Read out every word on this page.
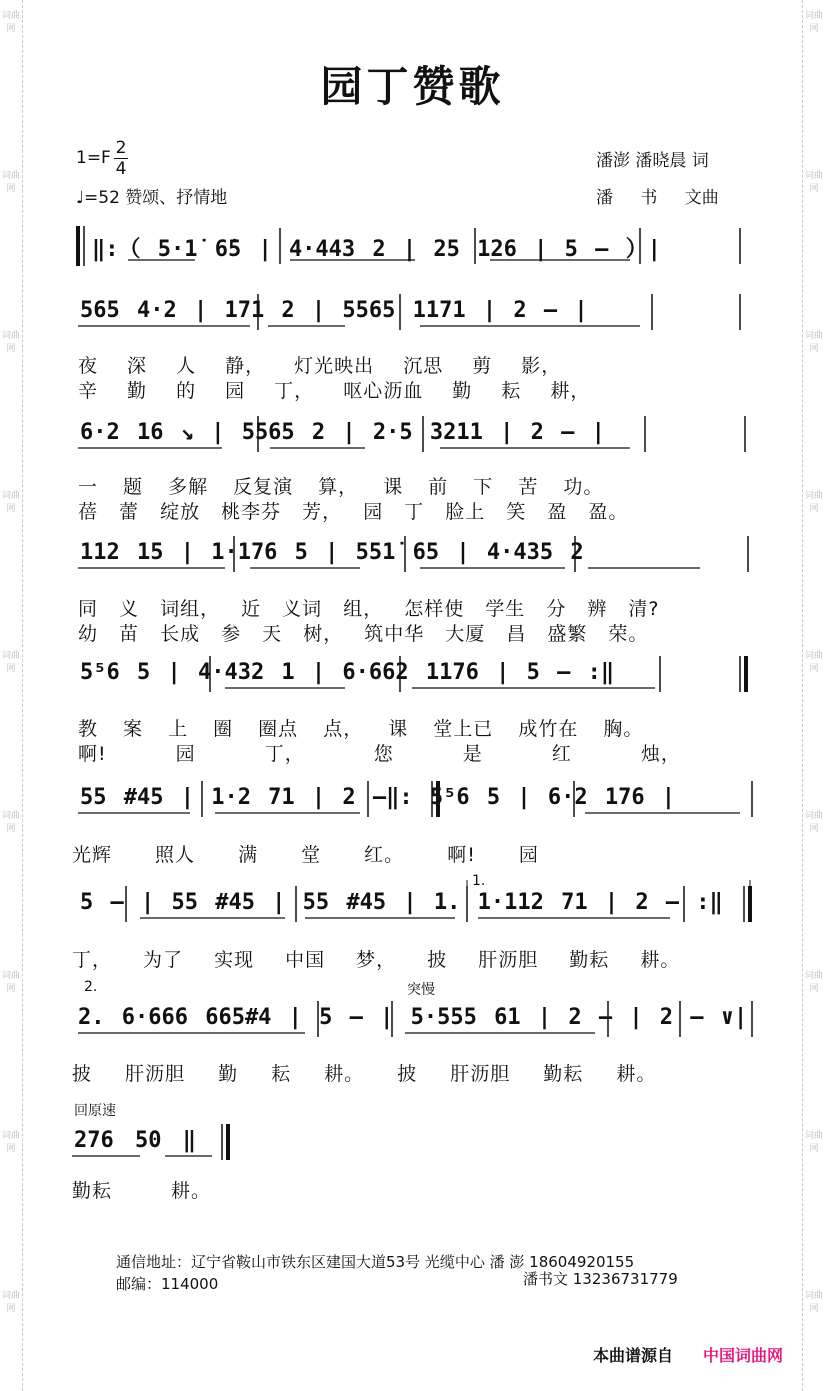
词曲网
词曲网
词曲网
词曲网
词曲网
词曲网
词曲网
词曲网
词曲网
词曲网
词曲网
词曲网
词曲网
词曲网
词曲网
词曲网
词曲网
词曲网
园丁赞歌
$1=F \frac{2}{4}$
♩=52 赞颂、抒情地
潘澎 潘晓晨 词
潘 书 文曲
‖:（ 5·1̇ 6̇5 | 4·443 2 | 25 126 | 5 — ）|
565 4·2 | 171 2 | 5565 1171 | 2 — |
夜 深 人 静， 灯光映出 沉思 剪 影，
辛 勤 的 园 丁， 呕心沥血 勤 耘 耕，
6·2 16 ↘ | 5565 2 | 2·5 3211 | 2 — |
一 题 多解 反复演 算， 课 前 下 苦 功。
蓓 蕾 绽放 桃李芬 芳， 园 丁 脸上 笑 盈 盈。
112 15 | 1·176 5 | 551̇ 65 | 4·435 2
同 义 词组， 近 义词 组， 怎样使 学生 分 辨 清?
幼 苗 长成 参 天 树， 筑中华 大厦 昌 盛繁 荣。
5⁵6 5 | 4·432 1 | 6·662 1176 | 5 — :‖
教 案 上 圈 圈点 点， 课 堂上已 成竹在 胸。
啊! 园 丁， 您 是 红 烛，
55 #45 | 1·2 71 | 2 —‖: 5⁵6 5 | 6·2 176 |
光辉 照人 满 堂 红。 啊! 园
1.
5 — | 55 #45 | 55 #45 | 1. 1·112 71 | 2 — :‖
丁， 为了 实现 中国 梦， 披 肝沥胆 勤耘 耕。
2.	突慢
2. 6·666 665#4 | 5 — | 5·555 61 | 2 — | 2 — ∨|
披 肝沥胆 勤 耘 耕。 披 肝沥胆 勤耘 耕。
回原速
276 50 ‖
勤耘 耕。
通信地址：辽宁省鞍山市铁东区建国大道53号 光缆中心 潘 澎 18604920155
潘书文 13236731779
邮编：114000
本曲谱源自 中国词曲网
